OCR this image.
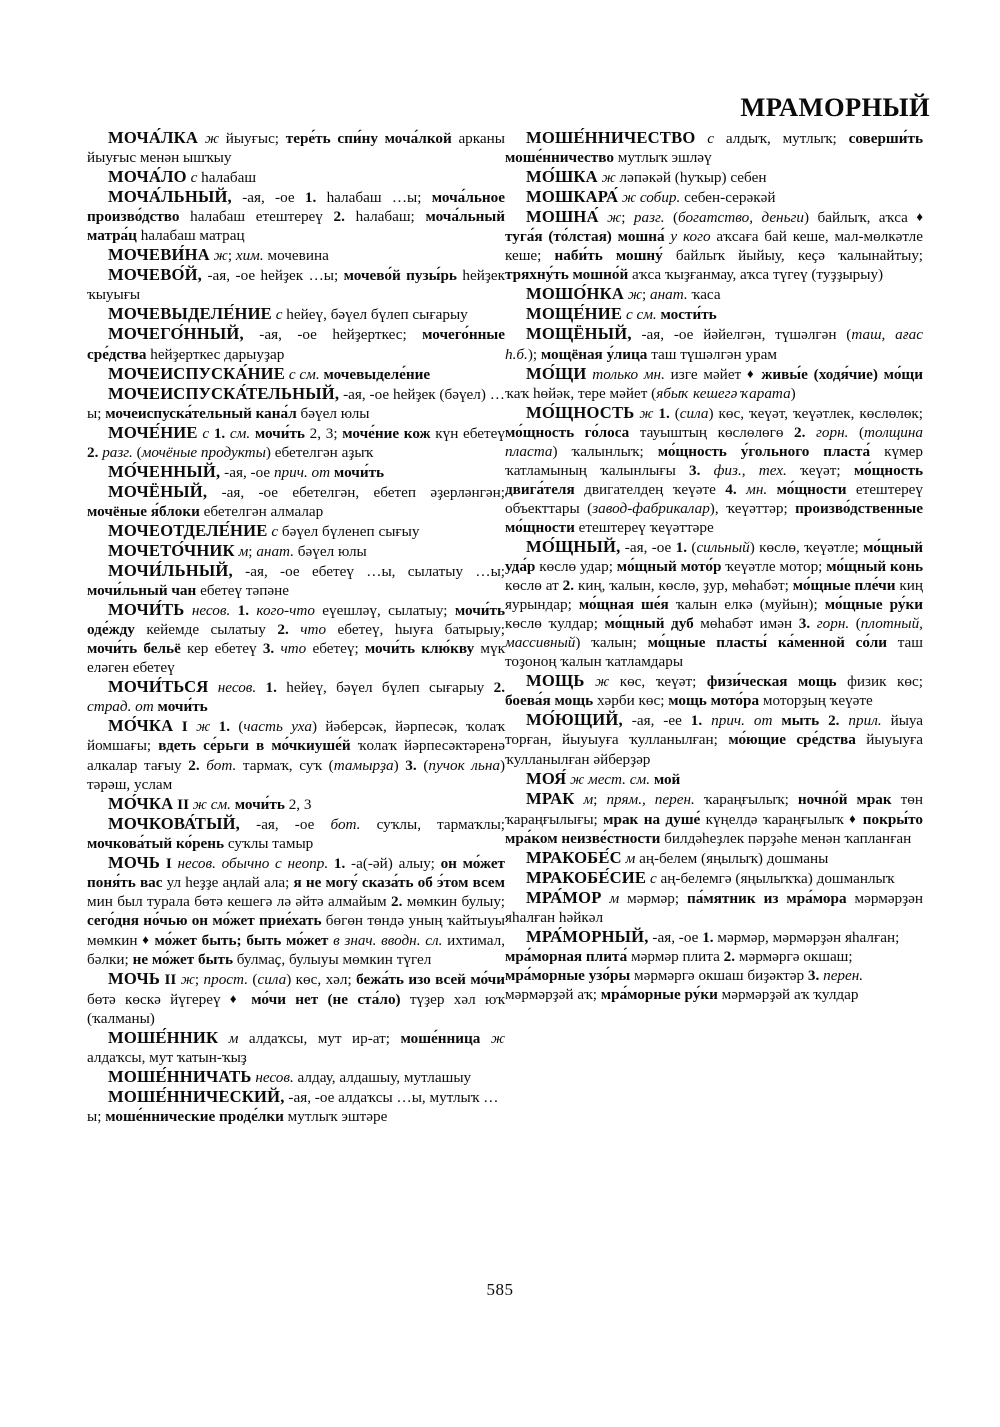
МРАМОРНЫЙ

МОЧА́ЛКА ж йыуғыс; тере́ть спи́ну моча́лкой арканы йыуғыс менән ышҡыу

МОЧА́ЛО с һалабаш

МОЧА́ЛЬНЫЙ, -ая, -ое 1. һалабаш …ы; моча́льное произво́дство һалабаш етештереү 2. һалабаш; моча́льный матра́ц һалабаш матрац

МОЧЕВИ́НА ж; хим. мочевина

МОЧЕВО́Й, -ая, -ое һейҙек …ы; мочево́й пузы́рь һейҙек ҡыуығы

МОЧЕВЫДЕЛЕ́НИЕ с һейеү, бәүел бүлеп сығарыу

МОЧЕГО́ННЫЙ, -ая, -ое һейҙерткес; мочего́нные сре́дства һейҙерткес дарыуҙар

МОЧЕИСПУСКА́НИЕ с см. мочевыделе́ние

МОЧЕИСПУСКА́ТЕЛЬНЫЙ, -ая, -ое һейҙек (бәүел) …ы; мочеиспуска́тельный кана́л бәүел юлы

МОЧЕ́НИЕ с 1. см. мочи́ть 2, 3; моче́ние кож күн ебетеү 2. разг. (мочёные продукты) ебетелгән аҙыҡ

МО́ЧЕННЫЙ, -ая, -ое прич. от мочи́ть

МОЧЁНЫЙ, -ая, -ое ебетелгән, ебетеп әҙерләнгән; мочёные я́блоки ебетелгән алмалар

МОЧЕОТДЕЛЕ́НИЕ с бәүел бүленеп сығыу

МОЧЕТО́ЧНИК м; анат. бәүел юлы

МОЧИ́ЛЬНЫЙ, -ая, -ое ебетеү …ы, сылатыу …ы; мочи́льный чан ебетеү тәпәне

МОЧИ́ТЬ несов. 1. кого-что еүешләү, сылатыу; мочи́ть оде́жду кейемде сылатыу 2. что ебетеү, һыуға батырыу; мочи́ть бельё кер ебетеү 3. что ебетеү; мочи́ть клю́кву мүк еләген ебетеү

МОЧИ́ТЬСЯ несов. 1. һейеү, бәүел бүлеп сығарыу 2. страд. от мочи́ть

МО́ЧКА I ж 1. (часть уха) йәберсәк, йәрпесәк, ҡолаҡ йомшағы; вдеть се́рьги в мо́чкиуше́й ҡолаҡ йәрпесәктәренә алкалар тағыу 2. бот. тармаҡ, суҡ (тамырҙа) 3. (пучок льна) тәрәш, услам

МО́ЧКА II ж см. мочи́ть 2, 3

МОЧКОВА́ТЫЙ, -ая, -ое бот. суҡлы, тармаҡлы; мочкова́тый ко́рень суҡлы тамыр

МОЧЬ I несов. обычно с неопр. 1. -а(-әй) алыу; он мо́жет поня́ть вас ул һеҙҙе аңлай ала; я не могу́ сказа́ть об э́том всем мин был турала бөтә кешегә лә әйтә алмайым 2. мөмкин булыу; сего́дня но́чью он мо́жет прие́хать бөгөн төндә уның ҡайтыуы мөмкин ♦ мо́жет быть; быть мо́жет в знач. вводн. сл. ихтимал, бәлки; не мо́жет быть булмаҫ, булыуы мөмкин түгел

МОЧЬ II ж; прост. (сила) көс, хәл; бежа́ть изо всей мо́чи бөтә көскә йүгереү ♦ мо́чи нет (не ста́ло) түҙер хәл юҡ (ҡалманы)

МОШЕ́ННИК м алдаҡсы, мут ир-ат; моше́нница ж алдаҡсы, мут ҡатын-ҡыҙ

МОШЕ́ННИЧАТЬ несов. алдау, алдашыу, мутлашыу

МОШЕ́ННИЧЕСКИЙ, -ая, -ое алдаҡсы …ы, мутлыҡ …ы; моше́ннические проде́лки мутлыҡ эштәре

МОШЕ́ННИЧЕСТВО с алдыҡ, мутлыҡ; соверши́ть моше́нничество мутлыҡ эшләү

МО́ШКА ж ләпәкәй (һуҡыр) себен

МОШКАРА́ ж собир. себен-серәкәй

МОШНА́ ж; разг. (богатство, деньги) байлыҡ, аҡса ♦ туга́я (то́лстая) мошна́ у кого аҡсаға бай кеше, мал-мөлкәтле кеше; наби́ть мошну́ байлыҡ йыйыу, кеҫә ҡалынайтыу; тряхну́ть мошно́й аҡса ҡыҙғанмау, аҡса түгеү (туҙҙырыу)

МОШО́НКА ж; анат. ҡаса

МОЩЕ́НИЕ с см. мости́ть

МОЩЁНЫЙ, -ая, -ое йәйелгән, түшәлгән (таш, ағас h.б.); мощёная у́лица таш түшәлгән урам

МО́ЩИ только мн. изге мәйет ♦ живы́е (ходя́чие) мо́щи ҡаҡ һөйәк, тере мәйет (ябыҡ кешегә ҡарата)

МО́ЩНОСТЬ ж 1. (сила) көс, ҡеүәт, ҡеүәтлек, көслөлөк; мо́щность го́лоса тауыштың көслөлөгө 2. горн. (толщина пласта) ҡалынлыҡ; мо́щность у́гольного пласта́ күмер ҡатламының ҡалынлығы 3. физ., тех. ҡеүәт; мо́щность двига́теля двигателдең ҡеүәте 4. мн. мо́щности етештереү объекттары (завод-фабрикалар), ҡеүәттәр; произво́дственные мо́щности етештереү ҡеүәттәре

МО́ЩНЫЙ, -ая, -ое 1. (сильный) көслө, ҡеүәтле; мо́щный уда́р көслө удар; мо́щный мото́р ҡеүәтле мотор; мо́щный конь көслө ат 2. киң, ҡалын, көслө, ҙур, мөһабәт; мо́щные пле́чи киң яурындар; мо́щная ше́я ҡалын елкә (муйын); мо́щные ру́ки көслө ҡулдар; мо́щный дуб мөһабәт имән 3. горн. (плотный, массивный) ҡалын; мо́щные пласты́ ка́менной со́ли таш тоҙоноң ҡалын ҡатламдары

МОЩЬ ж көс, ҡеүәт; физи́ческая мощь физик көс; боева́я мощь хәрби көс; мощь мото́ра моторҙың ҡеүәте

МО́ЮЩИЙ, -ая, -ее 1. прич. от мыть 2. прил. йыуа торған, йыуыуға ҡулланылған; мо́ющие сре́дства йыуыуға ҡулланылған әйберҙәр

МОЯ́ ж мест. см. мой

МРАК м; прям., перен. ҡараңғылыҡ; ночно́й мрак төн ҡараңғылығы; мрак на душе́ күңелдә ҡараңғылыҡ ♦ покры́то мра́ком неизве́стности билдәһеҙлек пәрҙәһе менән ҡапланған

МРАКОБЕ́С м аң-белем (яңылыҡ) дошманы

МРАКОБЕ́СИЕ с аң-белемгә (яңылыҡҡа) дошманлыҡ

МРА́МОР м мәрмәр; па́мятник из мра́мора мәрмәрҙән яһалған һәйкәл

МРА́МОРНЫЙ, -ая, -ое 1. мәрмәр, мәрмәрҙән яһалған; мра́морная плита́ мәрмәр плита 2. мәрмәргә окшаш; мра́морные узо́ры мәрмәргә окшаш биҙәктәр 3. перен. мәрмәрҙәй аҡ; мра́морные ру́ки мәрмәрҙәй аҡ ҡулдар

585
